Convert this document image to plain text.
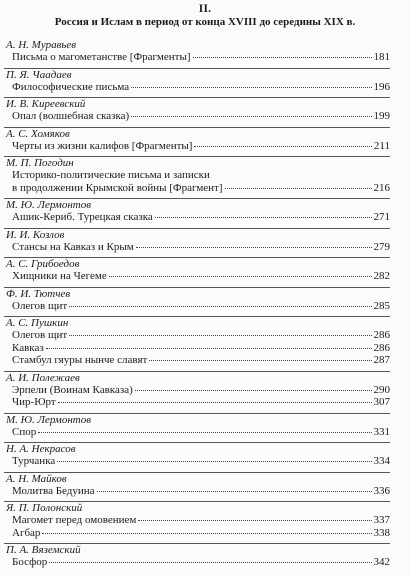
II.
Россия и Ислам в период от конца XVIII до середины XIX в.
А. Н. Муравьев
Письма о магометанстве [Фрагменты]	181
П. Я. Чаадаев
Философические письма	196
И. В. Киреевский
Опал (волшебная сказка)	199
А. С. Хомяков
Черты из жизни калифов [Фрагменты]	211
М. П. Погодин
Историко-политические письма и записки
в продолжении Крымской войны [Фрагмент]	216
М. Ю. Лермонтов
Ашик-Кериб. Турецкая сказка	271
И. И. Козлов
Стансы на Кавказ и Крым	279
А. С. Грибоедов
Хищники на Чегеме	282
Ф. И. Тютчев
Олегов щит	285
А. С. Пушкин
Олегов щит	286
Кавказ	286
Стамбул гяуры нынче славят	287
А. И. Полежаев
Эрпели (Воинам Кавказа)	290
Чир-Юрт	307
М. Ю. Лермонтов
Спор	331
Н. А. Некрасов
Турчанка	334
А. Н. Майков
Молитва Бедуина	336
Я. П. Полонский
Магомет перед омовением	337
Агбар	338
П. А. Вяземский
Босфор	342
